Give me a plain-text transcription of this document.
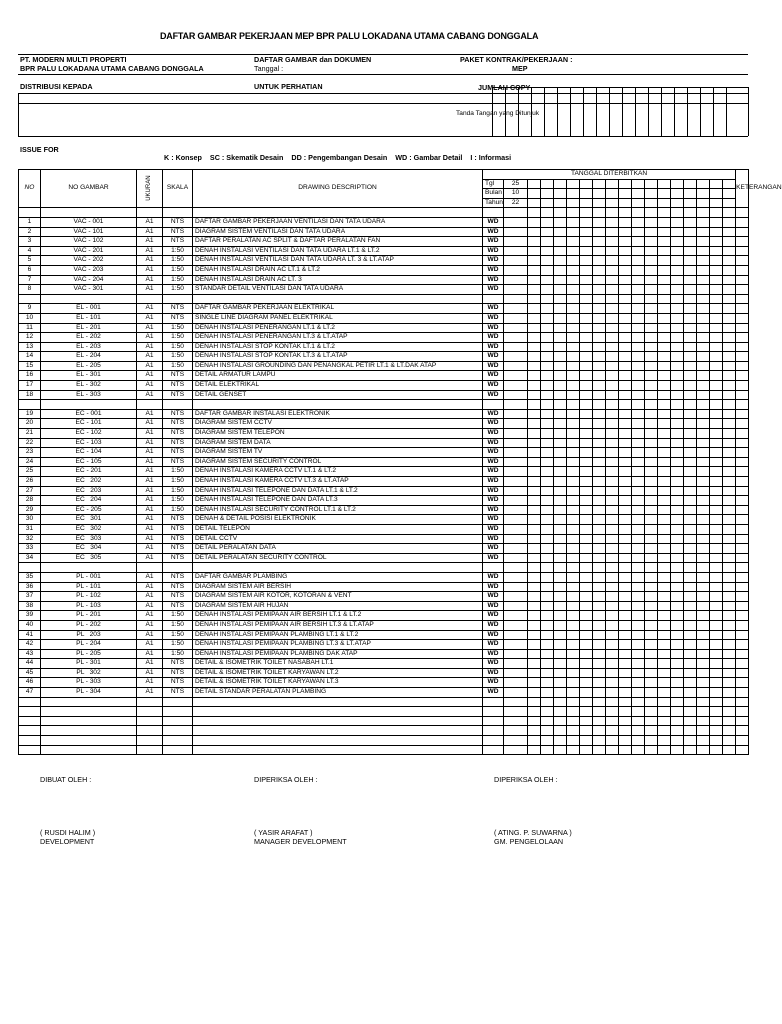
DAFTAR GAMBAR PEKERJAAN MEP BPR PALU LOKADANA UTAMA CABANG DONGGALA
PT. MODERN MULTI PROPERTI
BPR PALU LOKADANA UTAMA CABANG DONGGALA
DAFTAR GAMBAR dan DOKUMEN
Tanggal :
PAKET KONTRAK/PEKERJAAN :
MEP
DISTRIBUSI KEPADA	UNTUK PERHATIAN	JUMLAH COPY
Tanda Tangan yang Ditunjuk
ISSUE FOR
K : Konsep    SC : Skematik Desain    DD : Pengembangan Desain    WD : Gambar Detail    I : Informasi
NO	NO GAMBAR	UKURAN	SKALA	DRAWING DESCRIPTION	TANGGAL DITERBITKAN																		KETERANGAN
					Tgl	25																	
					Bulan	10																	
					Tahun	22																	

1	VAC - 001	A1	NTS	DAFTAR GAMBAR PEKERJAAN VENTILASI DAN TATA UDARA	WD																		
2	VAC - 101	A1	NTS	DIAGRAM SISTEM VENTILASI DAN TATA UDARA	WD																		
3	VAC - 102	A1	NTS	DAFTAR PERALATAN AC SPLIT & DAFTAR PERALATAN FAN	WD																		
4	VAC - 201	A1	1:50	DENAH INSTALASI VENTILASI DAN TATA UDARA LT.1 & LT.2	WD																		
5	VAC - 202	A1	1:50	DENAH INSTALASI VENTILASI DAN TATA UDARA LT. 3 & LT.ATAP	WD																		
6	VAC - 203	A1	1:50	DENAH INSTALASI DRAIN AC LT.1 & LT.2	WD																		
7	VAC - 204	A1	1:50	DENAH INSTALASI DRAIN AC LT. 3	WD																		
8	VAC - 301	A1	1:50	STANDAR DETAIL VENTILASI DAN TATA UDARA	WD																		

9	EL - 001	A1	NTS	DAFTAR GAMBAR PEKERJAAN ELEKTRIKAL	WD																		
10	EL - 101	A1	NTS	SINGLE LINE DIAGRAM PANEL ELEKTRIKAL	WD																		
11	EL - 201	A1	1:50	DENAH INSTALASI PENERANGAN LT.1 & LT.2	WD																		
12	EL - 202	A1	1:50	DENAH INSTALASI PENERANGAN LT.3 & LT.ATAP	WD																		
13	EL - 203	A1	1:50	DENAH INSTALASI STOP KONTAK LT.1 & LT.2	WD																		
14	EL - 204	A1	1:50	DENAH INSTALASI STOP KONTAK LT.3 & LT.ATAP	WD																		
15	EL - 205	A1	1:50	DENAH INSTALASI GROUNDING DAN PENANGKAL PETIR LT.1 & LT.DAK ATAP	WD																		
16	EL - 301	A1	NTS	DETAIL ARMATUR LAMPU	WD																		
17	EL - 302	A1	NTS	DETAIL ELEKTRIKAL	WD																		
18	EL - 303	A1	NTS	DETAIL GENSET	WD																		

19	EC - 001	A1	NTS	DAFTAR GAMBAR INSTALASI ELEKTRONIK	WD																		
20	EC - 101	A1	NTS	DIAGRAM SISTEM CCTV	WD																		
21	EC - 102	A1	NTS	DIAGRAM SISTEM TELEPON	WD																		
22	EC - 103	A1	NTS	DIAGRAM SISTEM DATA	WD																		
23	EC - 104	A1	NTS	DIAGRAM SISTEM TV	WD																		
24	EC - 105	A1	NTS	DIAGRAM SISTEM SECURITY CONTROL	WD																		
25	EC - 201	A1	1:50	DENAH INSTALASI KAMERA CCTV LT.1 & LT.2	WD																		
26	EC   202	A1	1:50	DENAH INSTALASI KAMERA CCTV LT.3 & LT.ATAP	WD																		
27	EC   203	A1	1:50	DENAH INSTALASI TELEPONE DAN DATA LT.1 & LT.2	WD																		
28	EC   204	A1	1:50	DENAH INSTALASI TELEPONE DAN DATA LT.3	WD																		
29	EC - 205	A1	1:50	DENAH INSTALASI SECURITY CONTROL LT.1 & LT.2	WD																		
30	EC   301	A1	NTS	DENAH & DETAIL POSISI ELEKTRONIK	WD																		
31	EC   302	A1	NTS	DETAIL TELEPON	WD																		
32	EC   303	A1	NTS	DETAIL CCTV	WD																		
33	EC   304	A1	NTS	DETAIL PERALATAN DATA	WD																		
34	EC   305	A1	NTS	DETAIL PERALATAN SECURITY CONTROL	WD																		

35	PL - 001	A1	NTS	DAFTAR GAMBAR PLAMBING	WD																		
36	PL - 101	A1	NTS	DIAGRAM SISTEM AIR BERSIH	WD																		
37	PL - 102	A1	NTS	DIAGRAM SISTEM AIR KOTOR, KOTORAN & VENT	WD																		
38	PL - 103	A1	NTS	DIAGRAM SISTEM AIR HUJAN	WD																		
39	PL - 201	A1	1:50	DENAH INSTALASI PEMIPAAN AIR BERSIH LT.1 & LT.2	WD																		
40	PL - 202	A1	1:50	DENAH INSTALASI PEMIPAAN AIR BERSIH LT.3 & LT.ATAP	WD																		
41	PL   203	A1	1:50	DENAH INSTALASI PEMIPAAN PLAMBING LT.1 & LT.2	WD																		
42	PL - 204	A1	1:50	DENAH INSTALASI PEMIPAAN PLAMBING LT.3 & LT.ATAP	WD																		
43	PL - 205	A1	1:50	DENAH INSTALASI PEMIPAAN PLAMBING DAK ATAP	WD																		
44	PL - 301	A1	NTS	DETAIL & ISOMETRIK TOILET NASABAH LT.1	WD																		
45	PL   302	A1	NTS	DETAIL & ISOMETRIK TOILET KARYAWAN LT.2	WD																		
46	PL - 303	A1	NTS	DETAIL & ISOMETRIK TOILET KARYAWAN LT.3	WD																		
47	PL - 304	A1	NTS	DETAIL STANDAR PERALATAN PLAMBING	WD																		

DIBUAT OLEH :
( RUSDI HALIM )
DEVELOPMENT
DIPERIKSA OLEH :
( YASIR ARAFAT )
MANAGER DEVELOPMENT
DIPERIKSA OLEH :
( ATING. P. SUWARNA )
GM. PENGELOLAAN
